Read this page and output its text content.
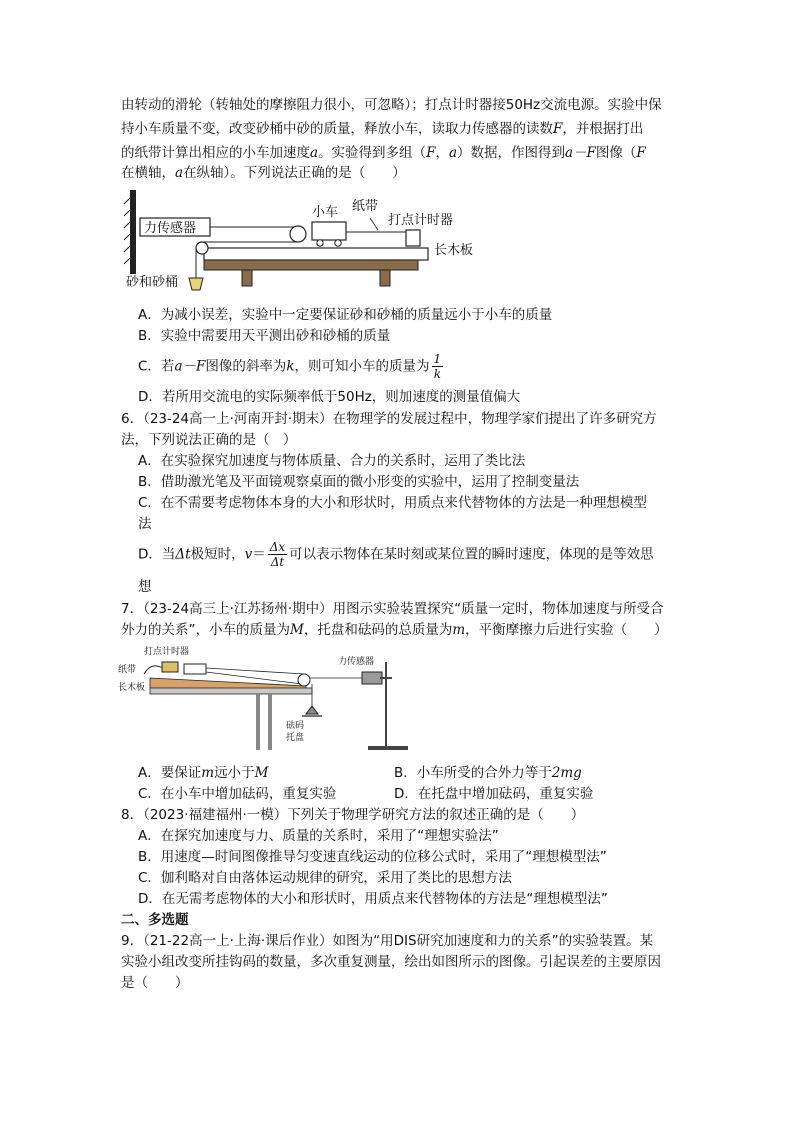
由转动的滑轮（转轴处的摩擦阻力很小，可忽略）；打点计时器接50Hz交流电源。实验中保
持小车质量不变，改变砂桶中砂的质量，释放小车，读取力传感器的读数F，并根据打出
的纸带计算出相应的小车加速度a。实验得到多组（F，a）数据，作图得到a－F图像（F
在横轴，a在纵轴）。下列说法正确的是（　　）
力传感器
小车 纸带
打点计时器
长木板
砂和砂桶
A．为减小误差，实验中一定要保证砂和砂桶的质量远小于小车的质量
B．实验中需要用天平测出砂和砂桶的质量
C．若a－F图像的斜率为k，则可知小车的质量为 $\frac{1}{k}$
D．若所用交流电的实际频率低于50Hz，则加速度的测量值偏大
6．（23-24高一上·河南开封·期末）在物理学的发展过程中，物理学家们提出了许多研究方
法，下列说法正确的是（　）
A．在实验探究加速度与物体质量、合力的关系时，运用了类比法
B．借助激光笔及平面镜观察桌面的微小形变的实验中，运用了控制变量法
C．在不需要考虑物体本身的大小和形状时，用质点来代替物体的方法是一种理想模型
法
D．当Δt极短时，$v= \frac{\Delta x}{\Delta t}$ 可以表示物体在某时刻或某位置的瞬时速度，体现的是等效思
想
7．（23-24高三上·江苏扬州·期中）用图示实验装置探究“质量一定时，物体加速度与所受合
外力的关系”，小车的质量为M，托盘和砝码的总质量为m，平衡摩擦力后进行实验（　　）
打点计时器
纸带
长木板
砝码
托盘
力传感器
A．要保证m远小于M	B．小车所受的合外力等于2mg
C．在小车中增加砝码，重复实验	D．在托盘中增加砝码，重复实验
8．（2023·福建福州·一模）下列关于物理学研究方法的叙述正确的是（　　）
A．在探究加速度与力、质量的关系时，采用了“理想实验法”
B．用速度—时间图像推导匀变速直线运动的位移公式时，采用了“理想模型法”
C．伽利略对自由落体运动规律的研究，采用了类比的思想方法
D．在无需考虑物体的大小和形状时，用质点来代替物体的方法是“理想模型法”
二、多选题
9．（21-22高一上·上海·课后作业）如图为“用DIS研究加速度和力的关系”的实验装置。某
实验小组改变所挂钩码的数量，多次重复测量，绘出如图所示的图像。引起误差的主要原因
是（　　）
